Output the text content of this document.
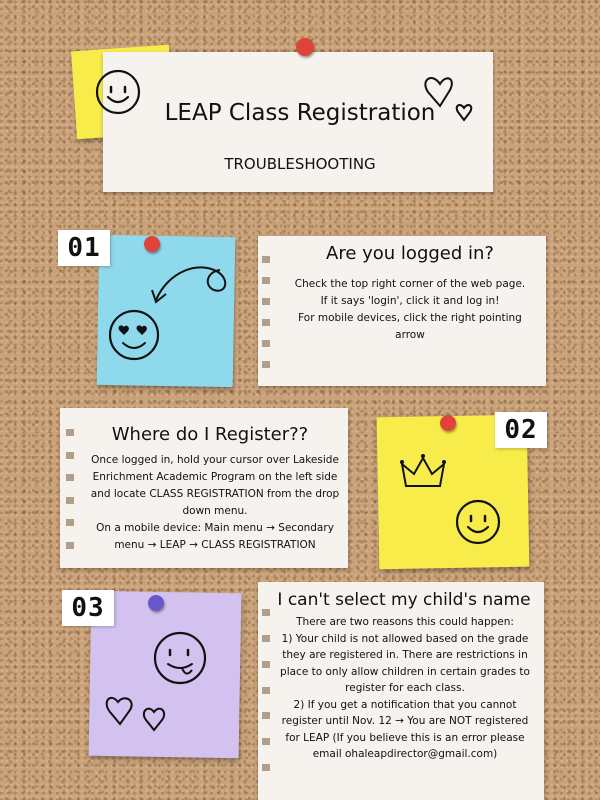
LEAP Class Registration
TROUBLESHOOTING
01	Are you logged in?

Check the top right corner of the web page. If it says 'login', click it and log in!

For mobile devices, click the right pointing arrow

Where do I Register??

Once logged in, hold your cursor over Lakeside Enrichment Academic Program on the left side and locate CLASS REGISTRATION from the drop down menu.

On a mobile device: Main menu → Secondary menu → LEAP → CLASS REGISTRATION

02
03	I can't select my child's name

There are two reasons this could happen:

1) Your child is not allowed based on the grade they are registered in. There are restrictions in place to only allow children in certain grades to register for each class.

2) If you get a notification that you cannot register until Nov. 12 → You are NOT registered for LEAP (If you believe this is an error please email ohaleapdirector@gmail.com)
